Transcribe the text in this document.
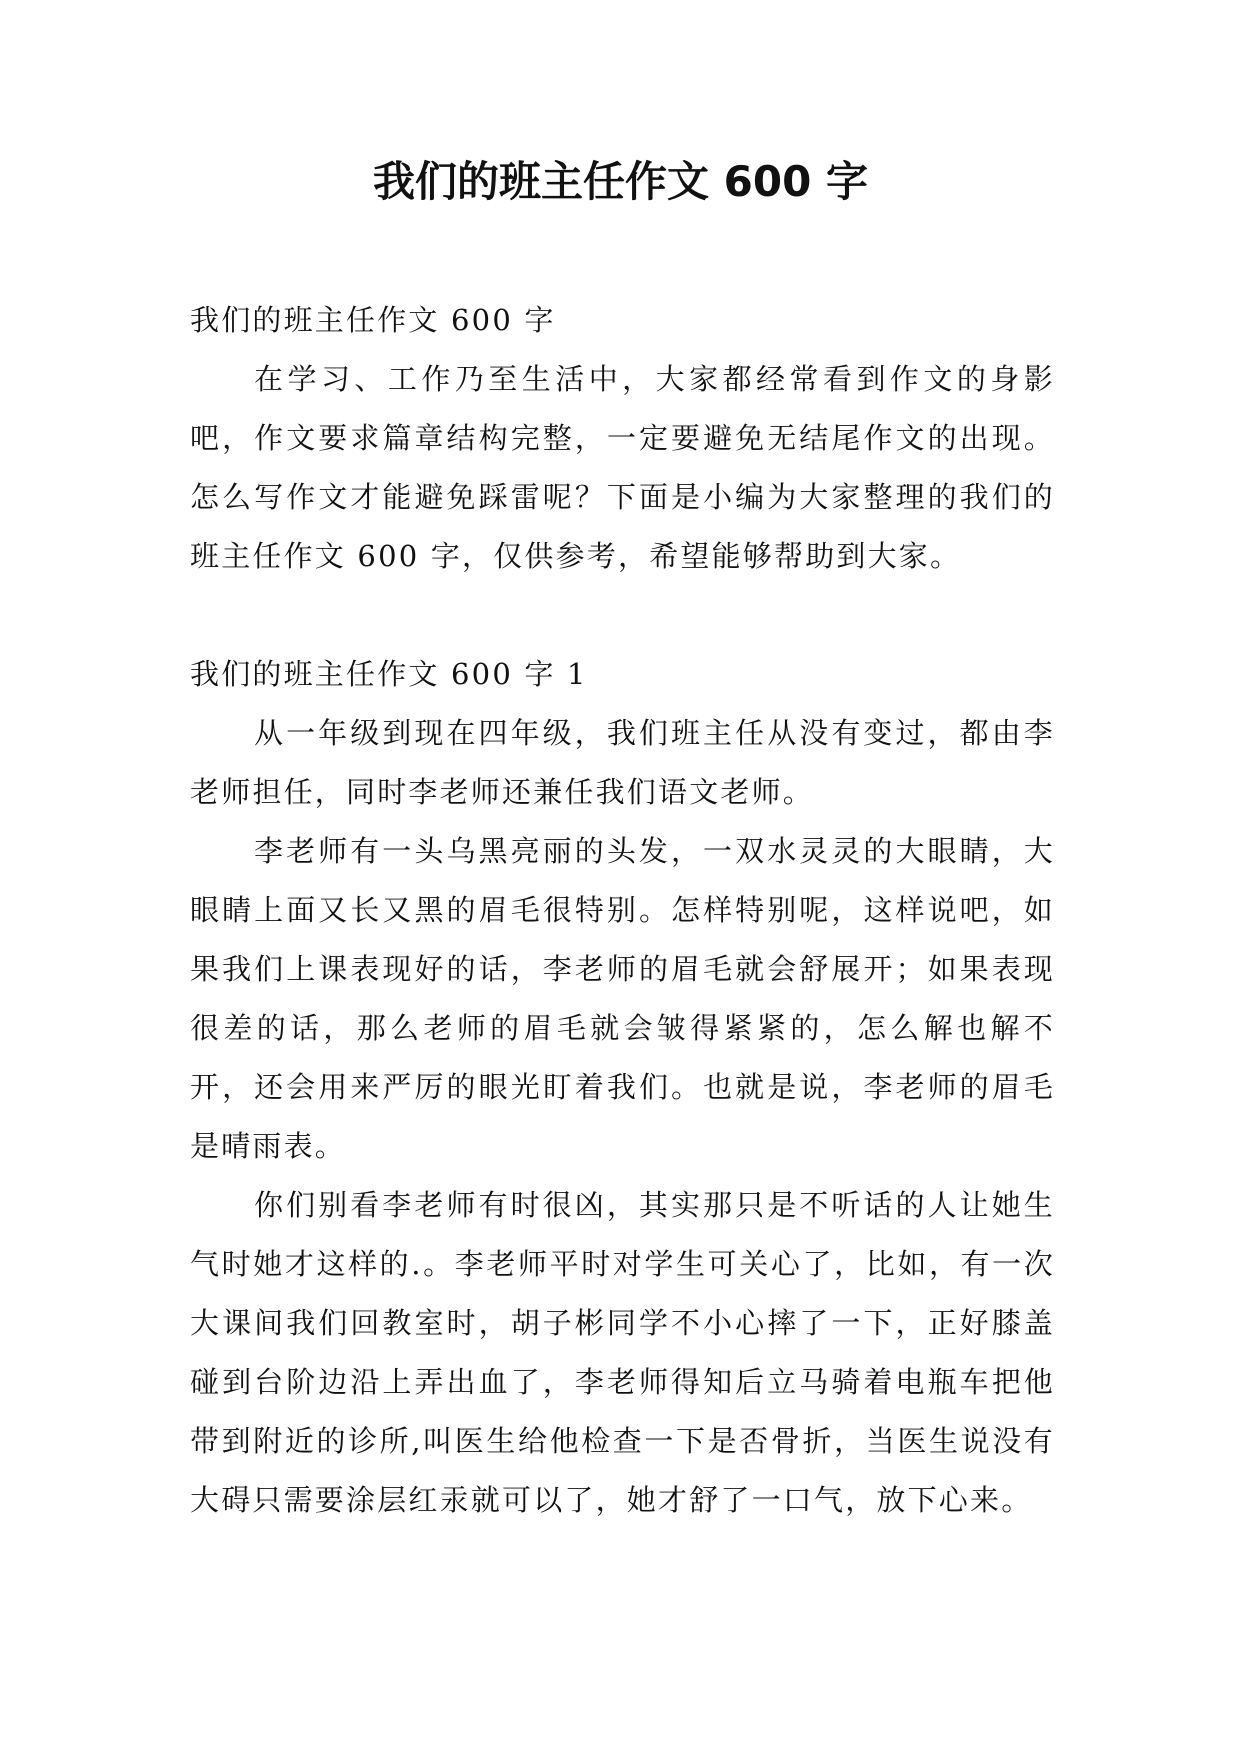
我们的班主任作文 600 字

我们的班主任作文 600 字

在学习、工作乃至生活中，大家都经常看到作文的身影吧，作文要求篇章结构完整，一定要避免无结尾作文的出现。怎么写作文才能避免踩雷呢？下面是小编为大家整理的我们的班主任作文 600 字，仅供参考，希望能够帮助到大家。

我们的班主任作文 600 字 1

从一年级到现在四年级，我们班主任从没有变过，都由李老师担任，同时李老师还兼任我们语文老师。

李老师有一头乌黑亮丽的头发，一双水灵灵的大眼睛，大眼睛上面又长又黑的眉毛很特别。怎样特别呢，这样说吧，如果我们上课表现好的话，李老师的眉毛就会舒展开；如果表现很差的话，那么老师的眉毛就会皱得紧紧的，怎么解也解不开，还会用来严厉的眼光盯着我们。也就是说，李老师的眉毛是晴雨表。

你们别看李老师有时很凶，其实那只是不听话的人让她生气时她才这样的.。李老师平时对学生可关心了，比如，有一次大课间我们回教室时，胡子彬同学不小心摔了一下，正好膝盖碰到台阶边沿上弄出血了，李老师得知后立马骑着电瓶车把他带到附近的诊所,叫医生给他检查一下是否骨折，当医生说没有大碍只需要涂层红汞就可以了，她才舒了一口气，放下心来。
